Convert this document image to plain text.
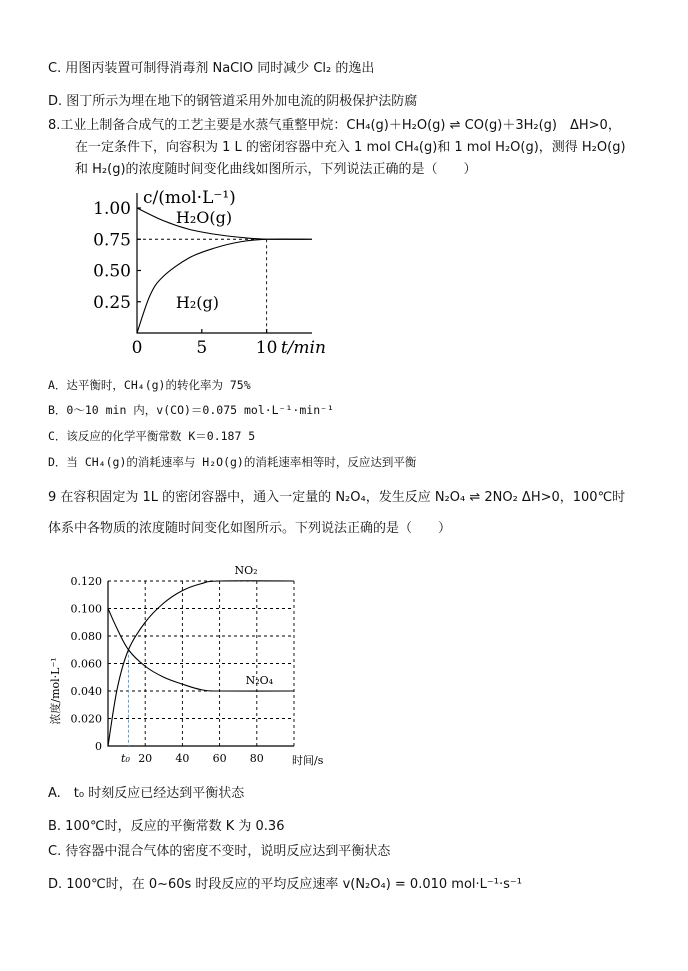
C. 用图丙装置可制得消毒剂 NaClO 同时减少 Cl₂ 的逸出
D. 图丁所示为埋在地下的钢管道采用外加电流的阴极保护法防腐
8.工业上制备合成气的工艺主要是水蒸气重整甲烷：CH₄(g)＋H₂O(g) ⇌ CO(g)＋3H₂(g)　ΔH>0，
在一定条件下，向容积为 1 L 的密闭容器中充入 1 mol CH₄(g)和 1 mol H₂O(g)，测得 H₂O(g)
和 H₂(g)的浓度随时间变化曲线如图所示，下列说法正确的是（　　）
0.25
0.50
0.75
1.00
0	5	10 t/min
c/(mol·L⁻¹)
H₂O(g)
H₂(g)
A．达平衡时，CH₄(g)的转化率为 75%
B．0～10 min 内，v(CO)＝0.075 mol·L⁻¹·min⁻¹
C．该反应的化学平衡常数 K＝0.187 5
D．当 CH₄(g)的消耗速率与 H₂O(g)的消耗速率相等时，反应达到平衡
9 在容积固定为 1L 的密闭容器中，通入一定量的 N₂O₄，发生反应 N₂O₄ ⇌ 2NO₂ ΔH>0，100℃时
体系中各物质的浓度随时间变化如图所示。下列说法正确的是（　　）
0
0.020
0.040
0.060
0.080
0.100
0.120
t₀ 20 40 60 80	时间/s
浓度/mol·L⁻¹
NO₂
N₂O₄
A.　t₀ 时刻反应已经达到平衡状态
B. 100℃时，反应的平衡常数 K 为 0.36
C. 待容器中混合气体的密度不变时，说明反应达到平衡状态
D. 100℃时，在 0~60s 时段反应的平均反应速率 v(N₂O₄) = 0.010 mol·L⁻¹·s⁻¹
